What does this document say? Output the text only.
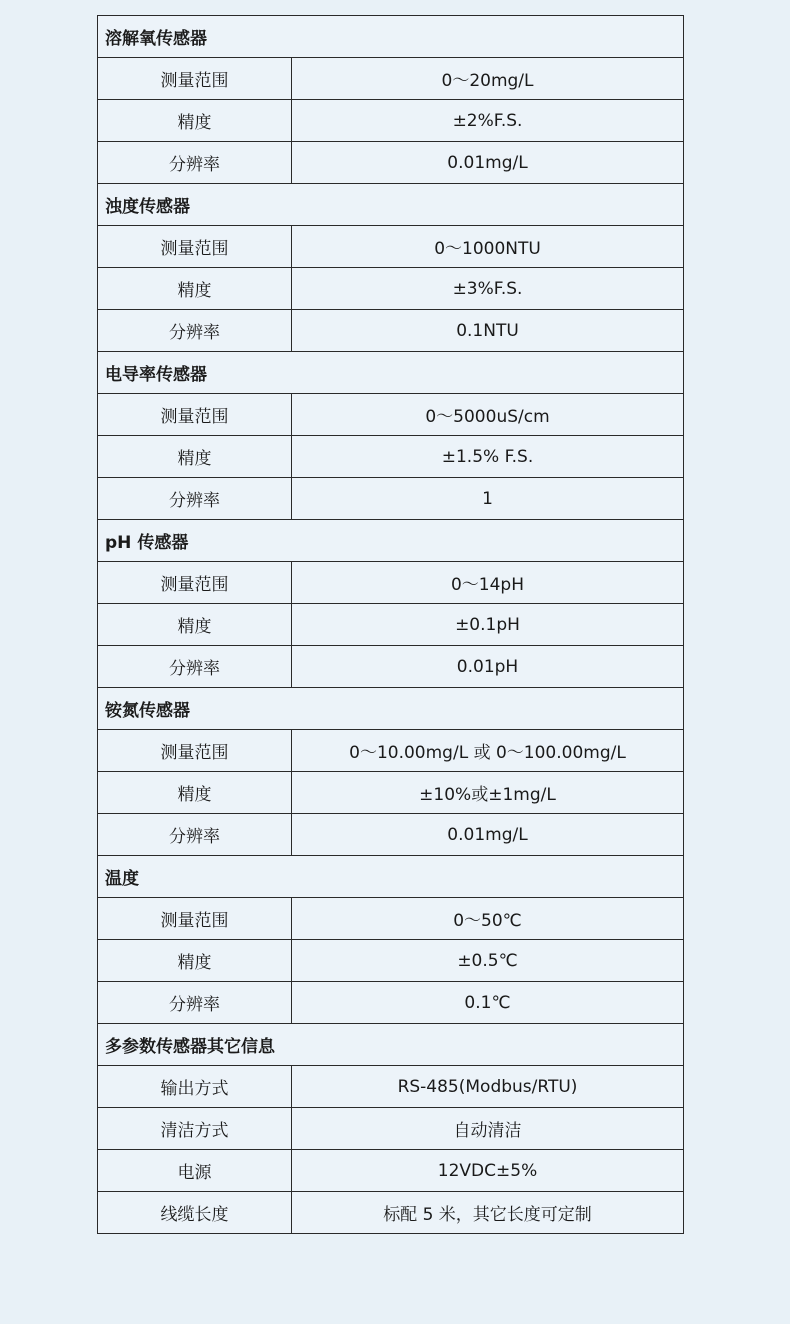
溶解氧传感器	
测量范围	0～20mg/L
精度	±2%F.S.
分辨率	0.01mg/L
浊度传感器	
测量范围	0～1000NTU
精度	±3%F.S.
分辨率	0.1NTU
电导率传感器	
测量范围	0～5000uS/cm
精度	±1.5% F.S.
分辨率	1
pH 传感器	
测量范围	0～14pH
精度	±0.1pH
分辨率	0.01pH
铵氮传感器	
测量范围	0～10.00mg/L 或 0～100.00mg/L
精度	±10%或±1mg/L
分辨率	0.01mg/L
温度	
测量范围	0～50℃
精度	±0.5℃
分辨率	0.1℃
多参数传感器其它信息	
输出方式	RS-485(Modbus/RTU)
清洁方式	自动清洁
电源	12VDC±5%
线缆长度	标配 5 米，其它长度可定制
